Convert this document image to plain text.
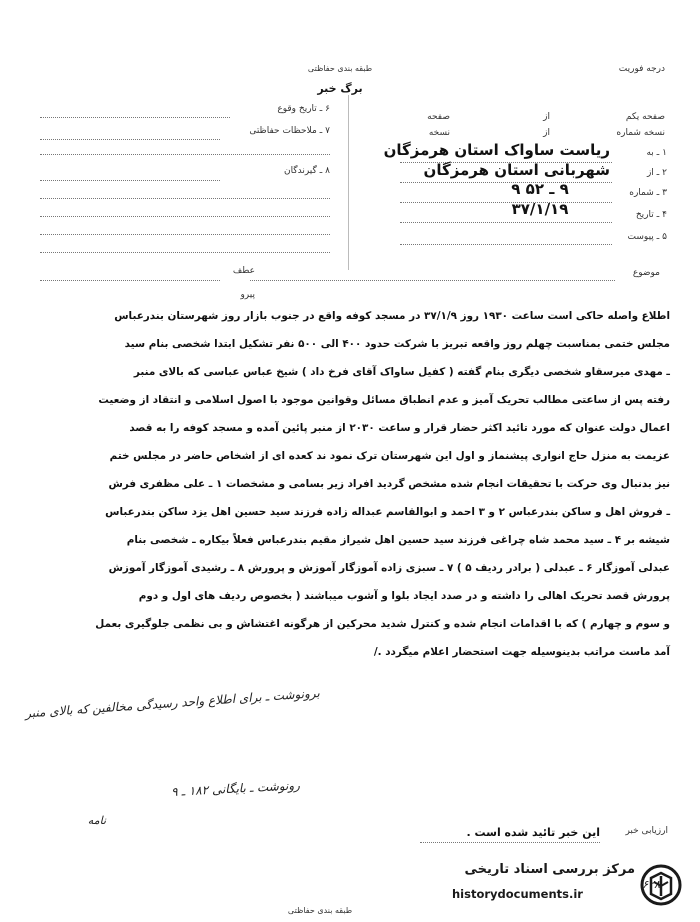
طبقه بندی حفاظتی
برگ خبر
درجه فوریت
صفحه یکم
از
صفحه
نسخه شماره
از
نسخه
۱ ـ به
ریاست ساواک استان هرمزگان
۲ ـ از
شهربانی استان هرمزگان
۳ ـ شماره
۹ ـ ۵۲ ۹
۴ ـ تاریخ
۳۷/۱/۱۹
۵ ـ پیوست
۶ ـ تاریخ وقوع
۷ ـ ملاحظات حفاظتی
۸ ـ گیرندگان
موضوع
عطف
پیرو
اطلاع واصله حاکی است ساعت ۱۹۳۰ روز ۳۷/۱/۹ در مسجد کوفه واقع در جنوب بازار روز شهرستان بندرعباس
مجلس ختمی بمناسبت چهلم روز واقعه تبریز با شرکت حدود ۴۰۰ الی ۵۰۰ نفر تشکیل ابتدا شخصی بنام سید
ـ مهدی میرسقاو شخصی دیگری بنام گفته ( کفیل ساواک آقای فرخ داد ) شیخ عباس عباسی که بالای منبر
رفته پس از ساعتی مطالب تحریک آمیز و عدم انطباق مسائل وقوانین موجود با اصول اسلامی و انتقاد از وضعیت
اعمال دولت عنوان که مورد تائید اکثر حضار قرار و ساعت ۲۰۳۰ از منبر پائین آمده و مسجد کوفه را به قصد
عزیمت به منزل حاج انواری پیشنماز و اول این شهرستان ترک نمود ند کعده ای از اشخاص حاضر در مجلس ختم
نیز بدنبال وی حرکت با تحقیقات انجام شده مشخص گردید افراد زیر بسامی و مشخصات ۱ ـ علی مظفری فرش
ـ فروش اهل و ساکن بندرعباس ۲ و ۳ احمد و ابوالقاسم عبداله زاده فرزند سید حسین اهل یزد ساکن بندرعباس
شیشه بر ۴ ـ سید محمد شاه چراغی فرزند سید حسین اهل شیراز مقیم بندرعباس فعلاً بیکاره ـ شخصی بنام
عبدلی آموزگار ۶ ـ عبدلی ( برادر ردیف ۵ ) ۷ ـ سبزی زاده آموزگار آموزش و پرورش ۸ ـ رشیدی آموزگار آموزش
پرورش قصد تحریک اهالی را داشته و در صدد ایجاد بلوا و آشوب میباشند ( بخصوص ردیف های اول و دوم
و سوم و چهارم ) که با اقدامات انجام شده و کنترل شدید محرکین از هرگونه اغتشاش و بی نظمی جلوگیری بعمل
آمد ماست مراتب بدینوسیله جهت استحضار اعلام میگردد ./
برونوشت ـ برای اطلاع واحد رسیدگی مخالفین که بالای منبر
رونوشت ـ بایگانی ۱۸۲ ـ ۹
نامه
ارزیابی خبر
این خبر تائید شده است .
۶۲۸
طبقه بندی حفاظتی
مرکز بررسی اسناد تاریخی
historydocuments.ir
